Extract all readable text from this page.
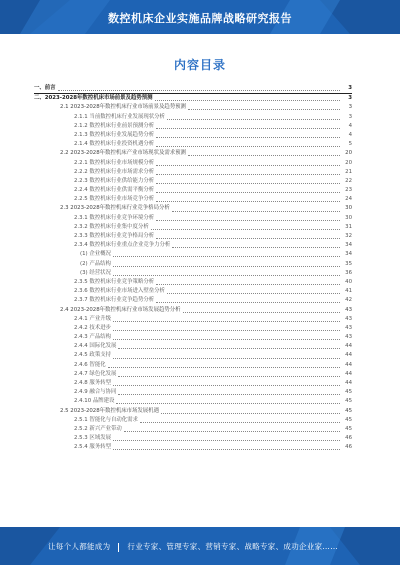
数控机床企业实施品牌战略研究报告
内容目录
一、前言	3
二、2023-2028年数控机床市场前景及趋势预测	3
2.1 2023-2028年数控机床行业市场前景及趋势预测	3
2.1.1 当前数控机床行业发展现状分析	3
2.1.2 数控机床行业前景预测分析	4
2.1.3 数控机床行业发展趋势分析	4
2.1.4 数控机床行业投资机遇分析	5
2.2 2023-2028年数控机床产业市场现状及需求预测	20
2.2.1 数控机床行业市场规模分析	20
2.2.2 数控机床行业市场需求分析	21
2.2.3 数控机床行业供给能力分析	22
2.2.4 数控机床行业供需平衡分析	23
2.2.5 数控机床行业市场竞争分析	24
2.3 2023-2028年数控机床行业竞争格局分析	30
2.3.1 数控机床行业竞争环境分析	30
2.3.2 数控机床行业集中度分析	31
2.3.3 数控机床行业竞争格局分析	32
2.3.4 数控机床行业重点企业竞争力分析	34
(1) 企业概况	34
(2) 产品结构	35
(3) 经营状况	36
2.3.5 数控机床行业竞争策略分析	40
2.3.6 数控机床行业市场进入壁垒分析	41
2.3.7 数控机床行业竞争趋势分析	42
2.4 2023-2028年数控机床行业市场发展趋势分析	43
2.4.1 产业升级	43
2.4.2 技术进步	43
2.4.3 产品结构	43
2.4.4 国际化发展	44
2.4.5 政策支持	44
2.4.6 智能化	44
2.4.7 绿色化发展	44
2.4.8 服务转型	44
2.4.9 融合与协同	45
2.4.10 品牌建设	45
2.5 2023-2028年数控机床市场发展机遇	45
2.5.1 智能化与自动化需求	45
2.5.2 新兴产业带动	45
2.5.3 区域发展	46
2.5.4 服务转型	46
让每个人都能成为 行业专家、管理专家、营销专家、战略专家、成功企业家……
